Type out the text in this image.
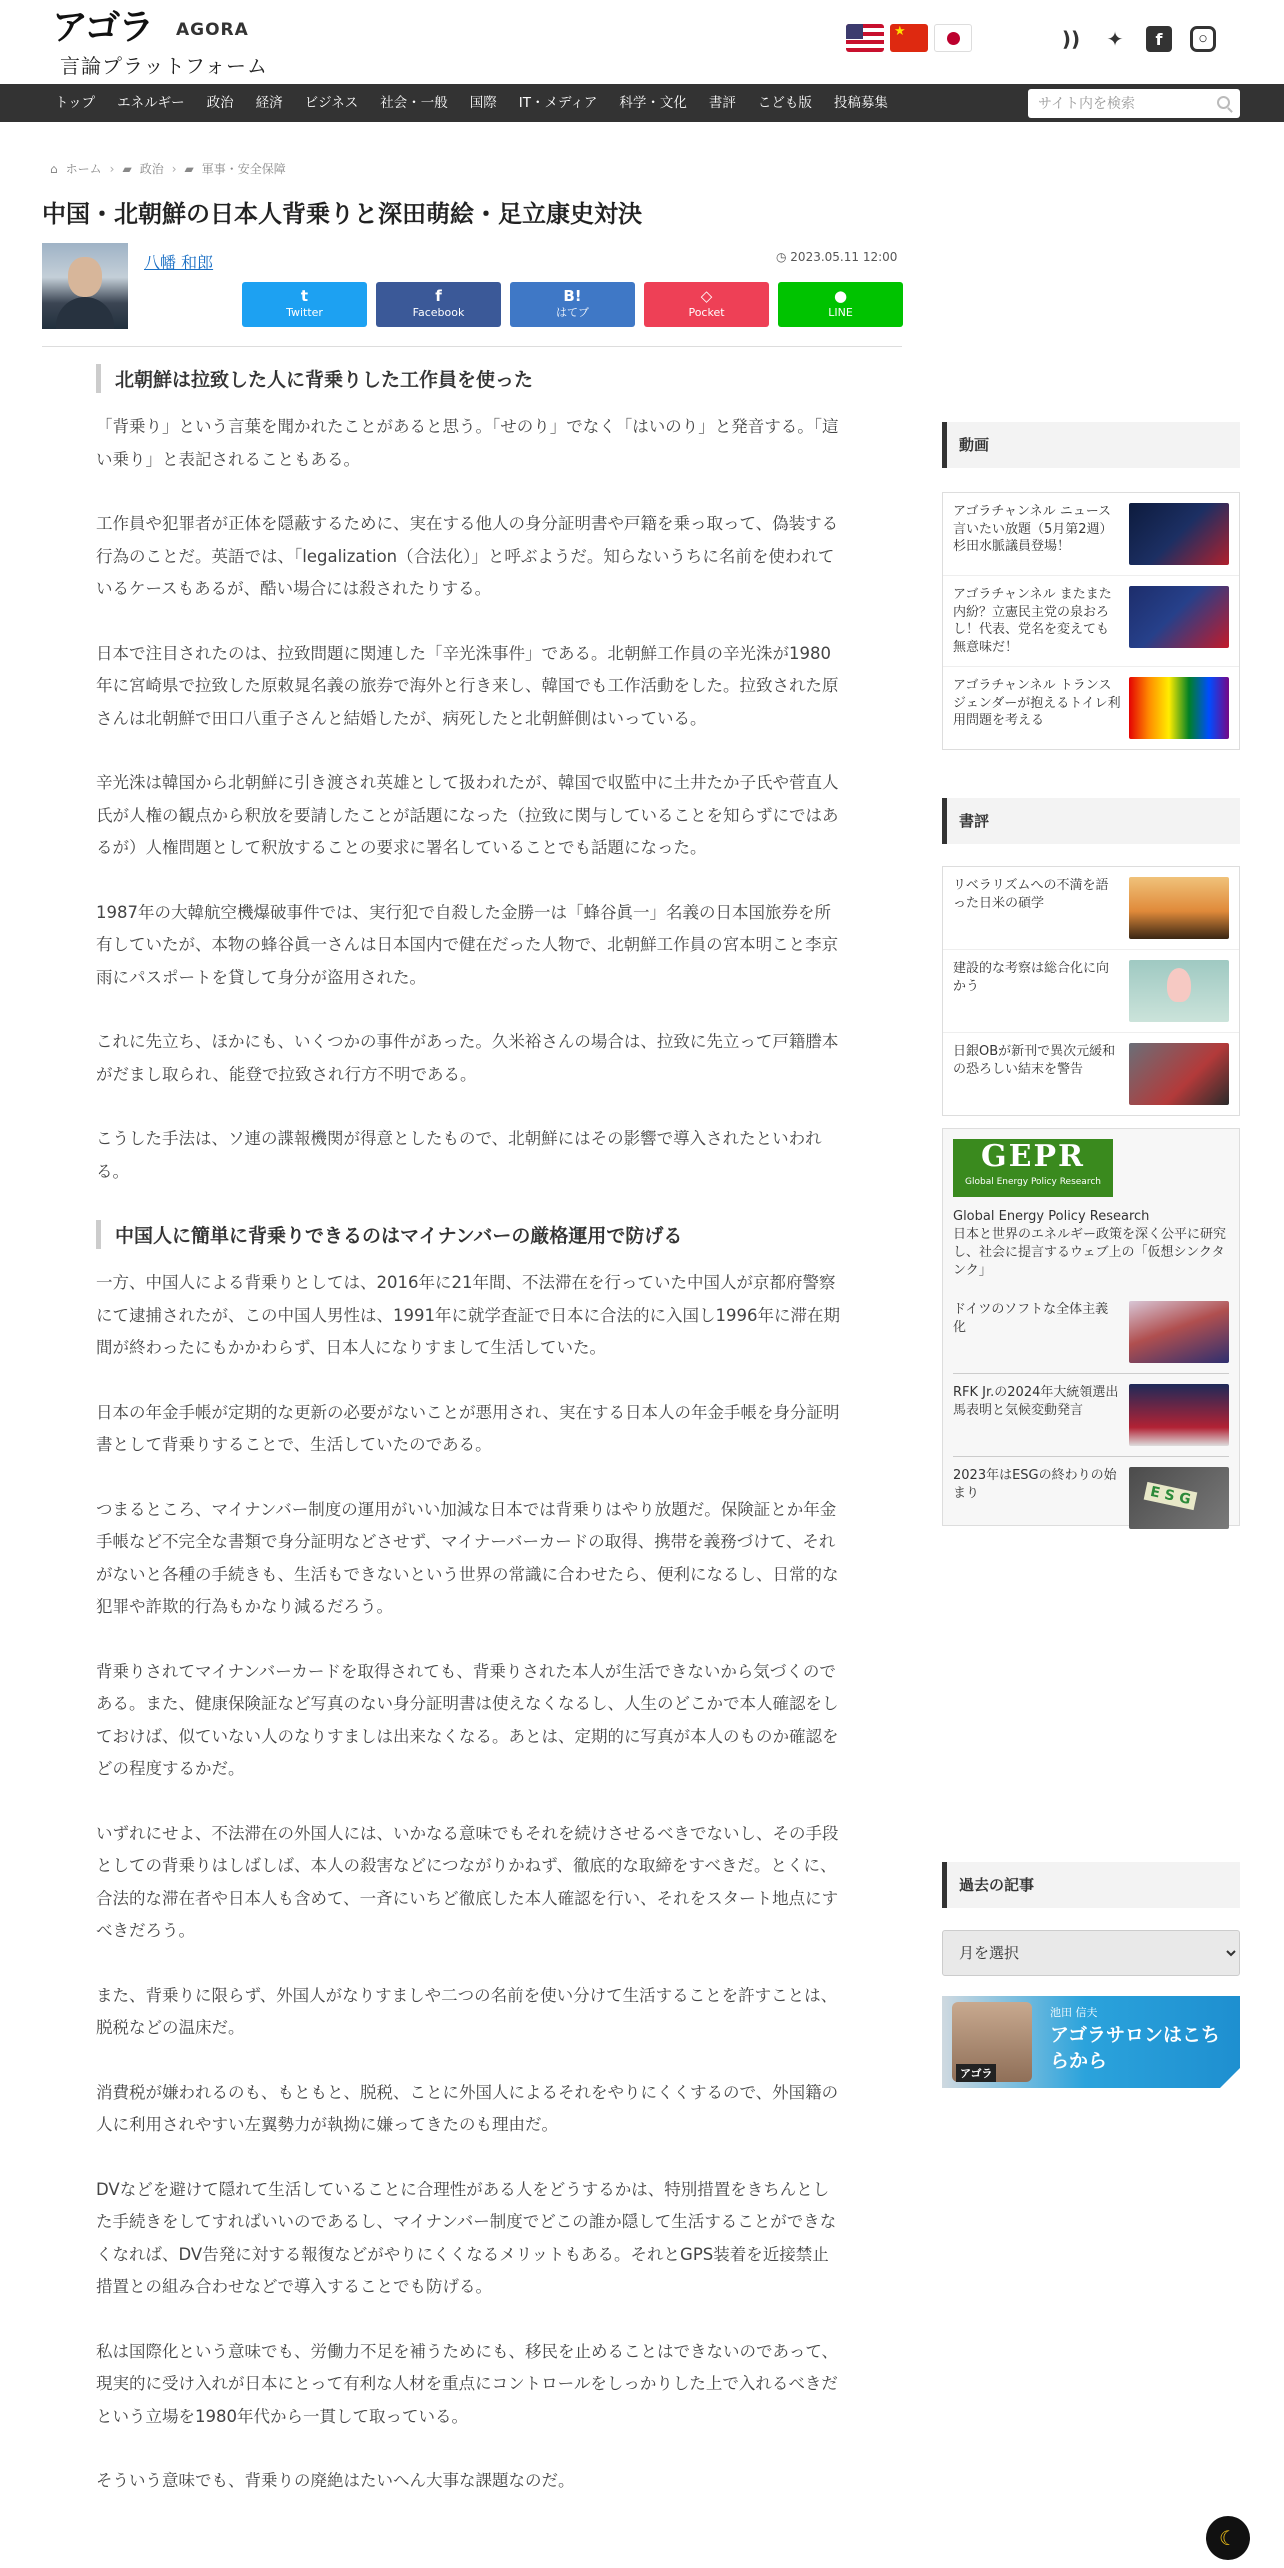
アゴラ AGORA
言論プラットフォーム
★
)) ✦	f	◦
トップ	エネルギー	政治	経済	ビジネス	社会・一般	国際	IT・メディア	科学・文化	書評	こども版	投稿募集
サイト内を検索
⌂ ホーム › ▰ 政治 › ▰ 軍事・安全保障
中国・北朝鮮の日本人背乗りと深田萌絵・足立康史対決
八幡 和郎	◷ 2023.05.11 12:00
t
Twitter
f
Facebook
B!
はてブ
◇
Pocket
●
LINE
北朝鮮は拉致した人に背乗りした工作員を使った

「背乗り」という言葉を聞かれたことがあると思う。「せのり」でなく「はいのり」と発音する。「這い乗り」と表記されることもある。

工作員や犯罪者が正体を隠蔽するために、実在する他人の身分証明書や戸籍を乗っ取って、偽装する行為のことだ。英語では、「legalization（合法化）」と呼ぶようだ。知らないうちに名前を使われているケースもあるが、酷い場合には殺されたりする。

日本で注目されたのは、拉致問題に関連した「辛光洙事件」である。北朝鮮工作員の辛光洙が1980年に宮崎県で拉致した原敕晁名義の旅券で海外と行き来し、韓国でも工作活動をした。拉致された原さんは北朝鮮で田口八重子さんと結婚したが、病死したと北朝鮮側はいっている。

辛光洙は韓国から北朝鮮に引き渡され英雄として扱われたが、韓国で収監中に土井たか子氏や菅直人氏が人権の観点から釈放を要請したことが話題になった（拉致に関与していることを知らずにではあるが）人権問題として釈放することの要求に署名していることでも話題になった。

1987年の大韓航空機爆破事件では、実行犯で自殺した金勝一は「蜂谷眞一」名義の日本国旅券を所有していたが、本物の蜂谷眞一さんは日本国内で健在だった人物で、北朝鮮工作員の宮本明こと李京雨にパスポートを貸して身分が盗用された。

これに先立ち、ほかにも、いくつかの事件があった。久米裕さんの場合は、拉致に先立って戸籍謄本がだまし取られ、能登で拉致され行方不明である。

こうした手法は、ソ連の諜報機関が得意としたもので、北朝鮮にはその影響で導入されたといわれる。

中国人に簡単に背乗りできるのはマイナンバーの厳格運用で防げる

一方、中国人による背乗りとしては、2016年に21年間、不法滞在を行っていた中国人が京都府警察にて逮捕されたが、この中国人男性は、1991年に就学査証で日本に合法的に入国し1996年に滞在期間が終わったにもかかわらず、日本人になりすまして生活していた。

日本の年金手帳が定期的な更新の必要がないことが悪用され、実在する日本人の年金手帳を身分証明書として背乗りすることで、生活していたのである。

つまるところ、マイナンバー制度の運用がいい加減な日本では背乗りはやり放題だ。保険証とか年金手帳など不完全な書類で身分証明などさせず、マイナーバーカードの取得、携帯を義務づけて、それがないと各種の手続きも、生活もできないという世界の常識に合わせたら、便利になるし、日常的な犯罪や詐欺的行為もかなり減るだろう。

背乗りされてマイナンバーカードを取得されても、背乗りされた本人が生活できないから気づくのである。また、健康保険証など写真のない身分証明書は使えなくなるし、人生のどこかで本人確認をしておけば、似ていない人のなりすましは出来なくなる。あとは、定期的に写真が本人のものか確認をどの程度するかだ。

いずれにせよ、不法滞在の外国人には、いかなる意味でもそれを続けさせるべきでないし、その手段としての背乗りはしばしば、本人の殺害などにつながりかねず、徹底的な取締をすべきだ。とくに、合法的な滞在者や日本人も含めて、一斉にいちど徹底した本人確認を行い、それをスタート地点にすべきだろう。

また、背乗りに限らず、外国人がなりすましや二つの名前を使い分けて生活することを許すことは、脱税などの温床だ。

消費税が嫌われるのも、もともと、脱税、ことに外国人によるそれをやりにくくするので、外国籍の人に利用されやすい左翼勢力が執拗に嫌ってきたのも理由だ。

DVなどを避けて隠れて生活していることに合理性がある人をどうするかは、特別措置をきちんとした手続きをしてすればいいのであるし、マイナンバー制度でどこの誰か隠して生活することができなくなれば、DV告発に対する報復などがやりにくくなるメリットもある。それとGPS装着を近接禁止措置との組み合わせなどで導入することでも防げる。

私は国際化という意味でも、労働力不足を補うためにも、移民を止めることはできないのであって、現実的に受け入れが日本にとって有利な人材を重点にコントロールをしっかりした上で入れるべきだという立場を1980年代から一貫して取っている。

そういう意味でも、背乗りの廃絶はたいへん大事な課題なのだ。

動画
アゴラチャンネル ニュース言いたい放題（5月第2週）杉田水脈議員登場！
アゴラチャンネル またまた内紛？立憲民主党の泉おろし！代表、党名を変えても無意味だ！
アゴラチャンネル トランスジェンダーが抱えるトイレ利用問題を考える
書評
リベラリズムへの不満を語った日米の碩学
建設的な考察は総合化に向かう
日銀OBが新刊で異次元緩和の恐ろしい結末を警告
GEPR
Global Energy Policy Research
Global Energy Policy Research
日本と世界のエネルギー政策を深く公平に研究し、社会に提言するウェブ上の「仮想シンクタンク」
ドイツのソフトな全体主義化
RFK Jr.の2024年大統領選出馬表明と気候変動発言
2023年はESGの終わりの始まり
E S G
過去の記事
月を選択
アゴラ
池田 信夫
アゴラサロンはこちらから
☾
